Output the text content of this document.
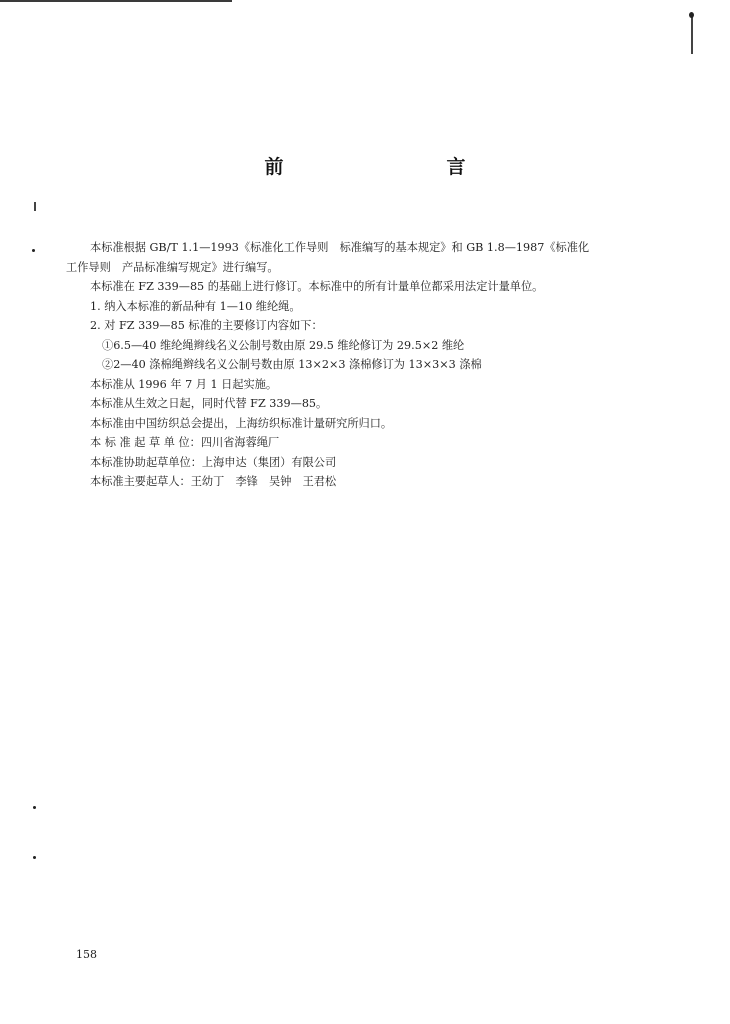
前　言

本标准根据 GB/T 1.1—1993《标准化工作导则　标准编写的基本规定》和 GB 1.8—1987《标准化

工作导则　产品标准编写规定》进行编写。

本标准在 FZ 339—85 的基础上进行修订。本标准中的所有计量单位都采用法定计量单位。

1. 纳入本标准的新品种有 1—10 维纶绳。

2. 对 FZ 339—85 标准的主要修订内容如下：

①6.5—40 维纶绳辫线名义公制号数由原 29.5 维纶修订为 29.5×2 维纶

②2—40 涤棉绳辫线名义公制号数由原 13×2×3 涤棉修订为 13×3×3 涤棉

本标准从 1996 年 7 月 1 日起实施。

本标准从生效之日起，同时代替 FZ 339—85。

本标准由中国纺织总会提出，上海纺织标准计量研究所归口。

本 标 准 起 草 单 位：四川省海蓉绳厂

本标准协助起草单位：上海申达（集团）有限公司

本标准主要起草人：王幼丁　李锋　吴钟　王君松

158
